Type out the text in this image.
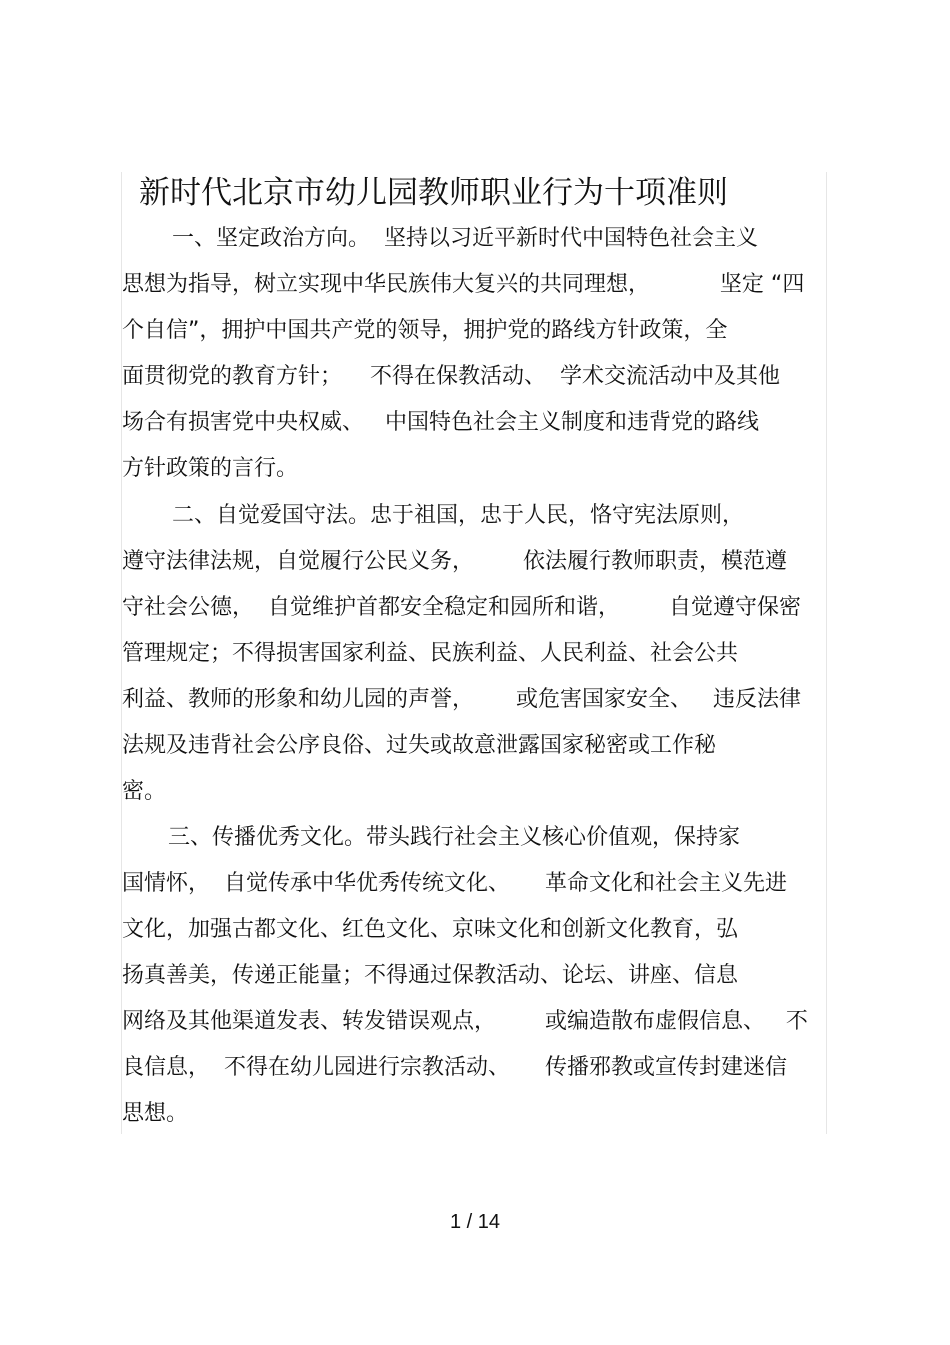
新时代北京市幼儿园教师职业行为十项准则
一、坚定政治方向。  坚持以习近平新时代中国特色社会主义
思想为指导，树立实现中华民族伟大复兴的共同理想，          坚定 “四
个自信”，拥护中国共产党的领导，拥护党的路线方针政策，全
面贯彻党的教育方针；    不得在保教活动、  学术交流活动中及其他
场合有损害党中央权威、   中国特色社会主义制度和违背党的路线
方针政策的言行。
二、自觉爱国守法。忠于祖国，忠于人民，恪守宪法原则，
遵守法律法规，自觉履行公民义务，       依法履行教师职责，模范遵
守社会公德，  自觉维护首都安全稳定和园所和谐，       自觉遵守保密
管理规定；不得损害国家利益、民族利益、人民利益、社会公共
利益、教师的形象和幼儿园的声誉，      或危害国家安全、   违反法律
法规及违背社会公序良俗、过失或故意泄露国家秘密或工作秘
密。
三、传播优秀文化。带头践行社会主义核心价值观，保持家
国情怀，  自觉传承中华优秀传统文化、     革命文化和社会主义先进
文化，加强古都文化、红色文化、京味文化和创新文化教育，弘
扬真善美，传递正能量；不得通过保教活动、论坛、讲座、信息
网络及其他渠道发表、转发错误观点，       或编造散布虚假信息、   不
良信息，  不得在幼儿园进行宗教活动、     传播邪教或宣传封建迷信
思想。
1 / 14
